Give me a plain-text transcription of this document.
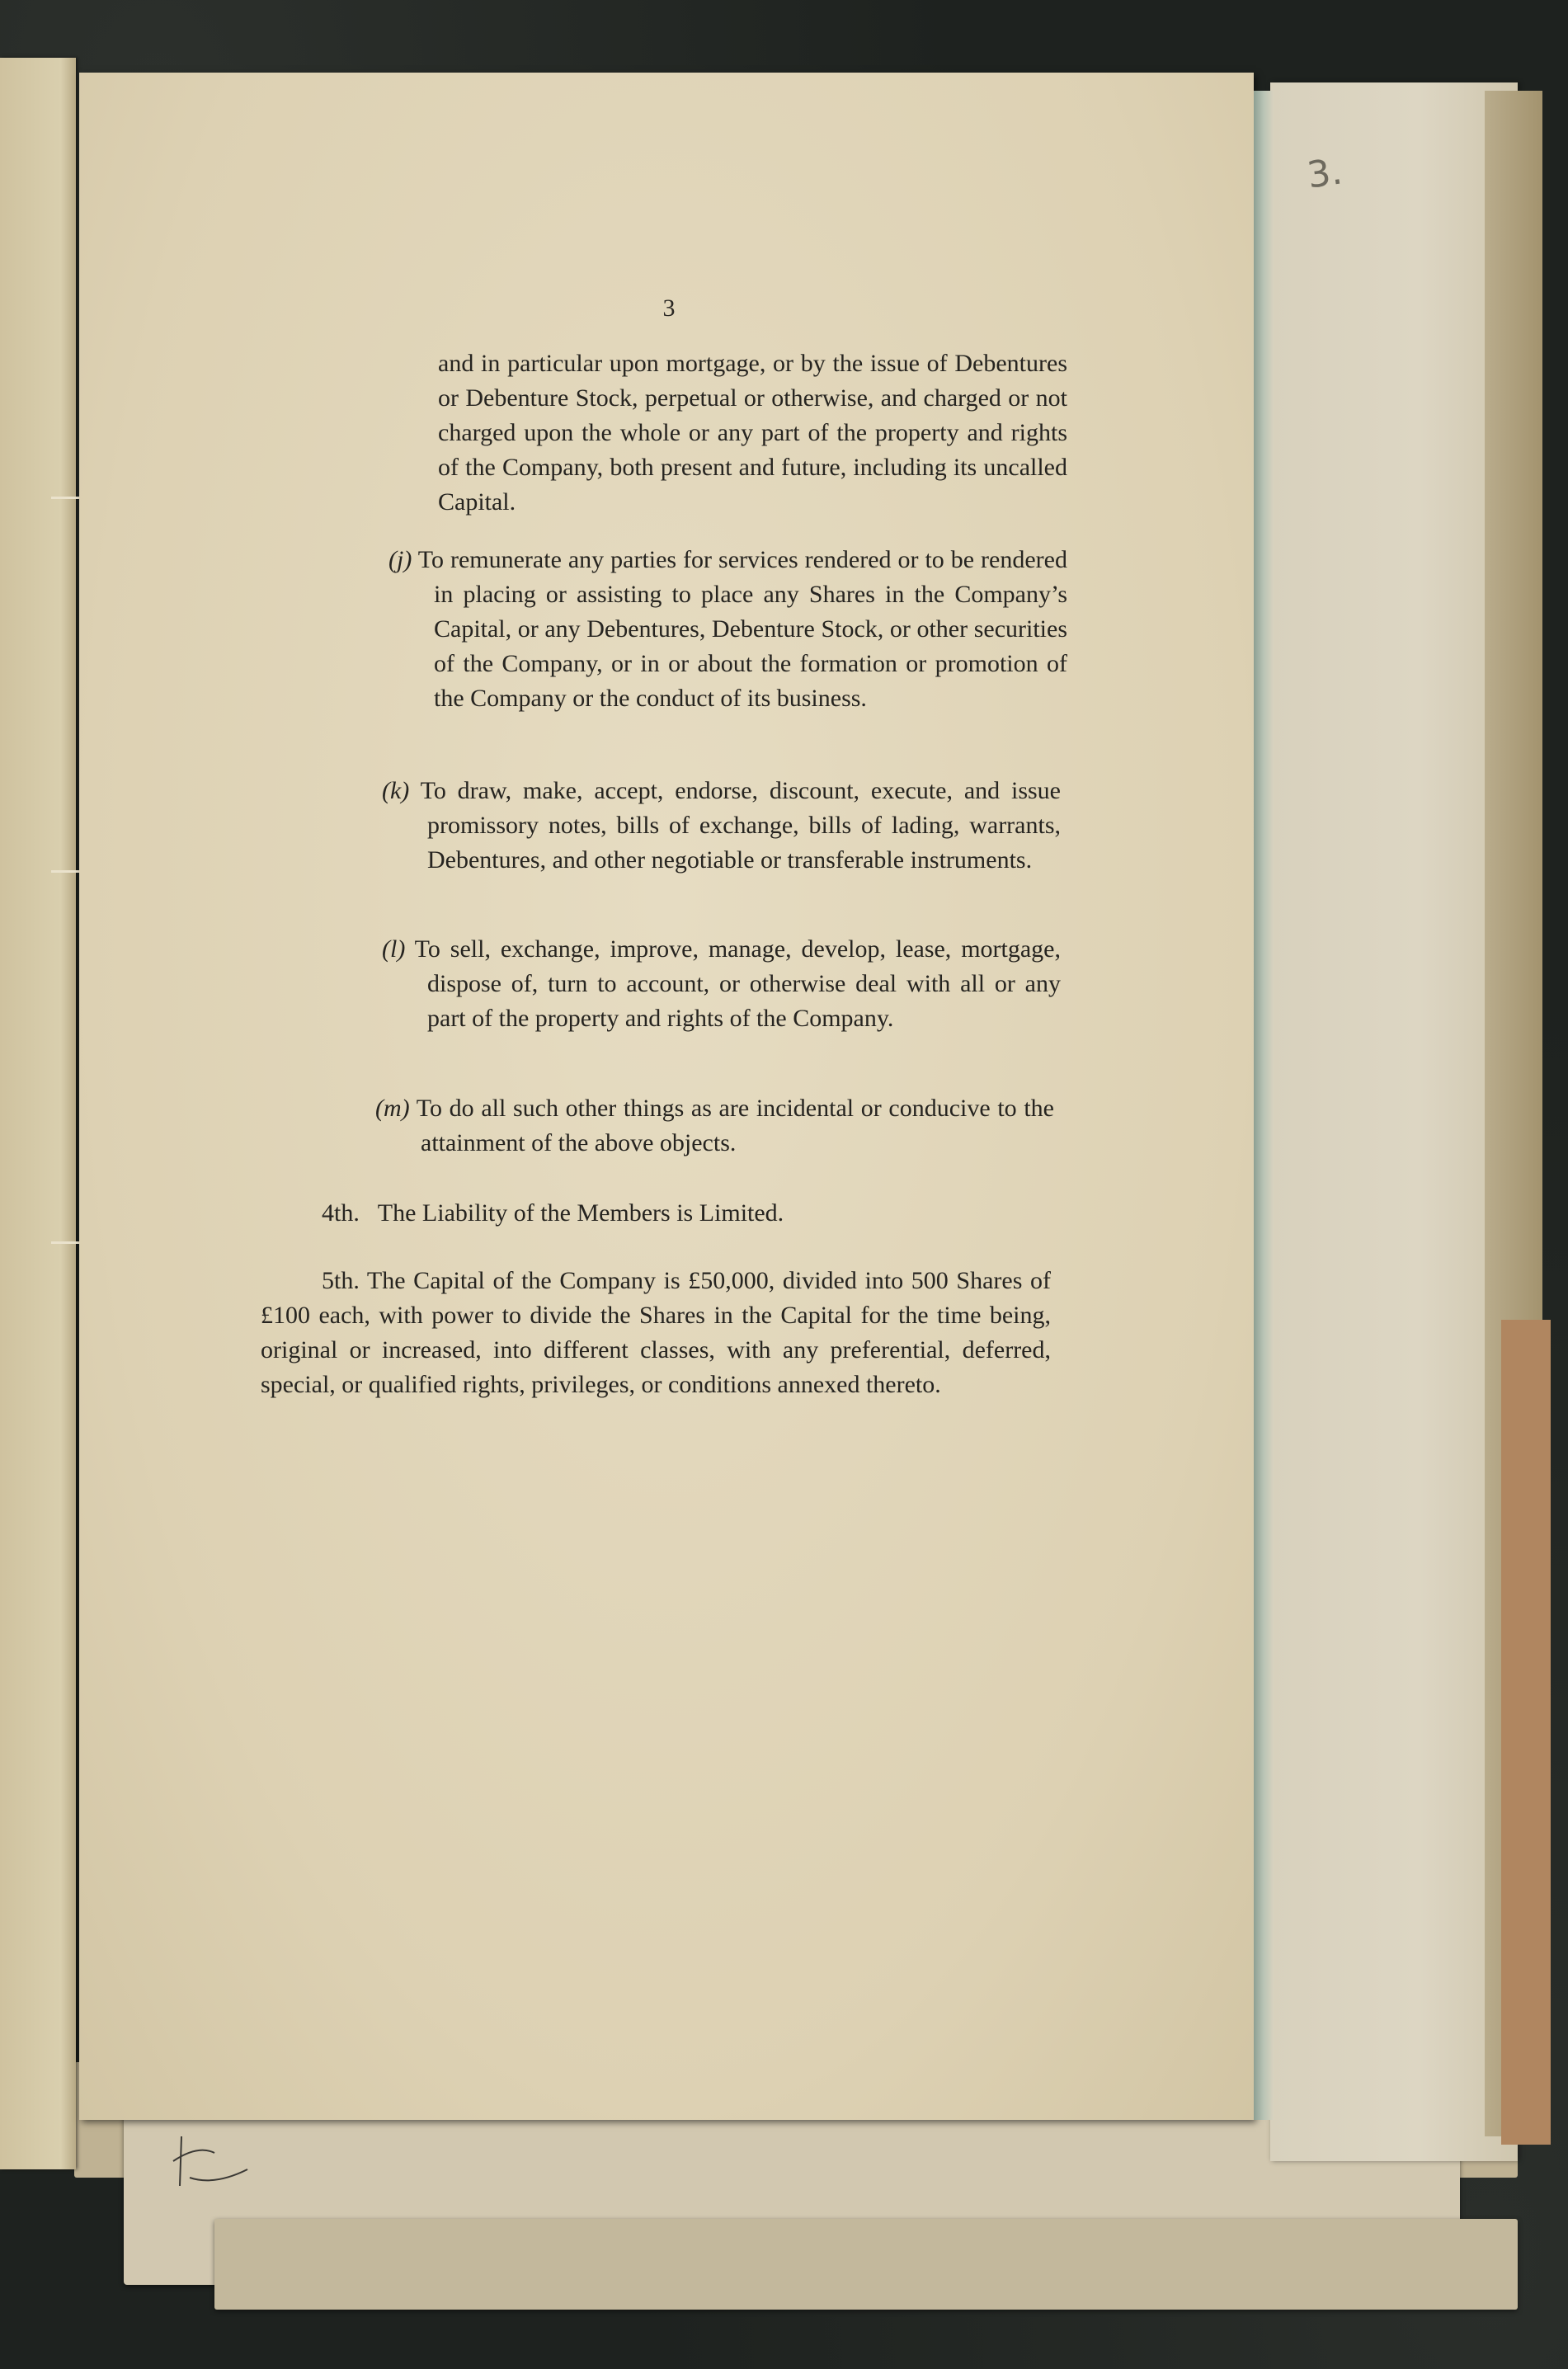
3.
3
and in particular upon mortgage, or by the issue of Debentures or Debenture Stock, perpetual or otherwise, and charged or not charged upon the whole or any part of the property and rights of the Company, both present and future, including its uncalled Capital.
(j) To remunerate any parties for services rendered or to be rendered in placing or assisting to place any Shares in the Company’s Capital, or any Debentures, Debenture Stock, or other securities of the Company, or in or about the formation or promotion of the Company or the conduct of its business.
(k) To draw, make, accept, endorse, discount, execute, and issue promissory notes, bills of exchange, bills of lading, warrants, Debentures, and other negotiable or transferable instruments.
(l) To sell, exchange, improve, manage, develop, lease, mortgage, dispose of, turn to account, or otherwise deal with all or any part of the property and rights of the Company.
(m) To do all such other things as are incidental or conducive to the attainment of the above objects.
4th.   The Liability of the Members is Limited.
5th. The Capital of the Company is £50,000, divided into 500 Shares of £100 each, with power to divide the Shares in the Capital for the time being, original or increased, into different classes, with any preferential, deferred, special, or qualified rights, privileges, or conditions annexed thereto.
